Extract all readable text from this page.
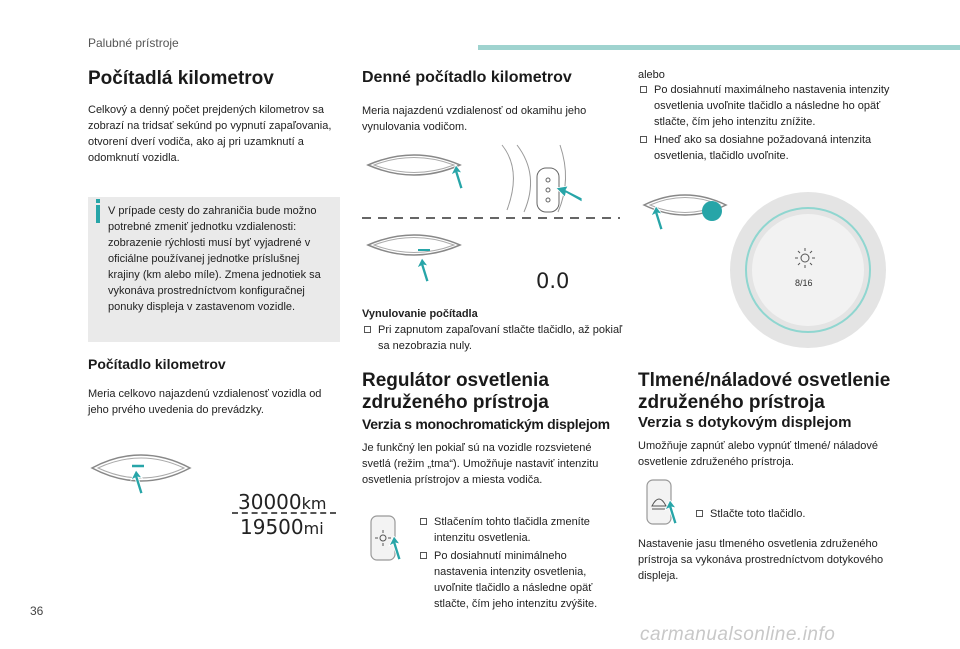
Palubné prístroje
Počítadlá kilometrov
Celkový a denný počet prejdených kilometrov sa zobrazí na tridsať sekúnd po vypnutí zapaľovania, otvorení dverí vodiča, ako aj pri uzamknutí a odomknutí vozidla.
V prípade cesty do zahraničia bude možno potrebné zmeniť jednotku vzdialenosti: zobrazenie rýchlosti musí byť vyjadrené v oficiálne používanej jednotke príslušnej krajiny (km alebo míle). Zmena jednotiek sa vykonáva prostredníctvom konfiguračnej ponuky displeja v zastavenom vozidle.
Počítadlo kilometrov
Meria celkovo najazdenú vzdialenosť vozidla od jeho prvého uvedenia do prevádzky.
30000km
19500mi
Denné počítadlo kilometrov
Meria najazdenú vzdialenosť od okamihu jeho vynulovania vodičom.
0.0
Vynulovanie počítadla
Pri zapnutom zapaľovaní stlačte tlačidlo, až pokiaľ sa nezobrazia nuly.
Regulátor osvetlenia združeného prístroja
Verzia s monochromatickým displejom
Je funkčný len pokiaľ sú na vozidle rozsvietené svetlá (režim „tma“). Umožňuje nastaviť intenzitu osvetlenia prístrojov a miesta vodiča.
Stlačením tohto tlačidla zmeníte intenzitu osvetlenia.
Po dosiahnutí minimálneho nastavenia intenzity osvetlenia, uvoľnite tlačidlo a následne opäť stlačte, čím jeho intenzitu zvýšite.
alebo
Po dosiahnutí maximálneho nastavenia intenzity osvetlenia uvoľnite tlačidlo a následne ho opäť stlačte, čím jeho intenzitu znížite.
Hneď ako sa dosiahne požadovaná intenzita osvetlenia, tlačidlo uvoľnite.
8/16
Tlmené/náladové osvetlenie združeného prístroja
Verzia s dotykovým displejom
Umožňuje zapnúť alebo vypnúť tlmené/ náladové osvetlenie združeného prístroja.
Stlačte toto tlačidlo.
Nastavenie jasu tlmeného osvetlenia združeného prístroja sa vykonáva prostredníctvom dotykového displeja.
36
carmanualsonline.info
